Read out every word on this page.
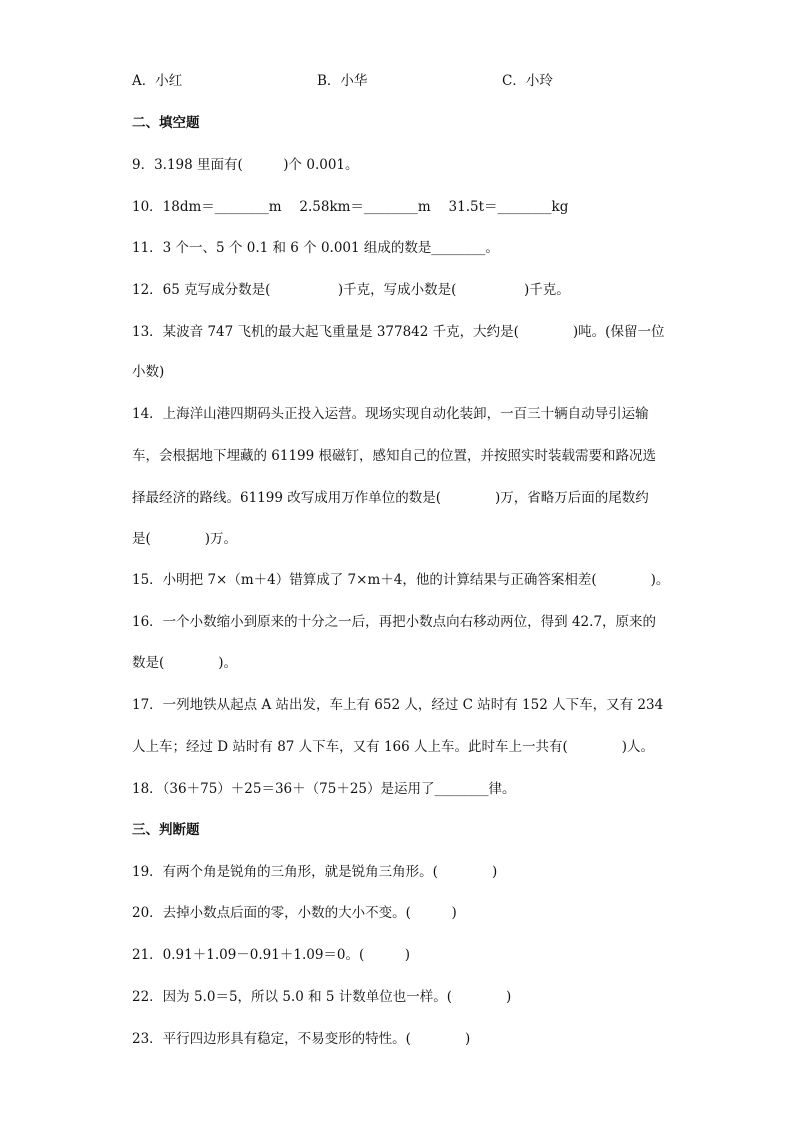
A．小红	B．小华	C．小玲
二、填空题
9．3.198 里面有(　　　)个 0.001。
10．18dm＝________m　 2.58km＝________m　 31.5t＝________kg
11．3 个一、5 个 0.1 和 6 个 0.001 组成的数是________。
12．65 克写成分数是(　　　　　)千克，写成小数是(　　　　　)千克。
13．某波音 747 飞机的最大起飞重量是 377842 千克，大约是(　　　　)吨。(保留一位
小数)
14．上海洋山港四期码头正投入运营。现场实现自动化装卸，一百三十辆自动导引运输
车，会根据地下埋藏的 61199 根磁钉，感知自己的位置，并按照实时装载需要和路况选
择最经济的路线。61199 改写成用万作单位的数是(　　　　)万，省略万后面的尾数约
是(　　　　)万。
15．小明把 7×（m＋4）错算成了 7×m＋4，他的计算结果与正确答案相差(　　　　)。
16．一个小数缩小到原来的十分之一后，再把小数点向右移动两位，得到 42.7，原来的
数是(　　　　)。
17．一列地铁从起点 A 站出发，车上有 652 人，经过 C 站时有 152 人下车，又有 234
人上车；经过 D 站时有 87 人下车，又有 166 人上车。此时车上一共有(　　　　)人。
18．（36＋75）＋25＝36＋（75＋25）是运用了________律。
三、判断题
19．有两个角是锐角的三角形，就是锐角三角形。(　　　　)
20．去掉小数点后面的零，小数的大小不变。(　　　)
21．0.91＋1.09－0.91＋1.09＝0。(　　　)
22．因为 5.0＝5，所以 5.0 和 5 计数单位也一样。(　　　　)
23．平行四边形具有稳定，不易变形的特性。(　　　　)
